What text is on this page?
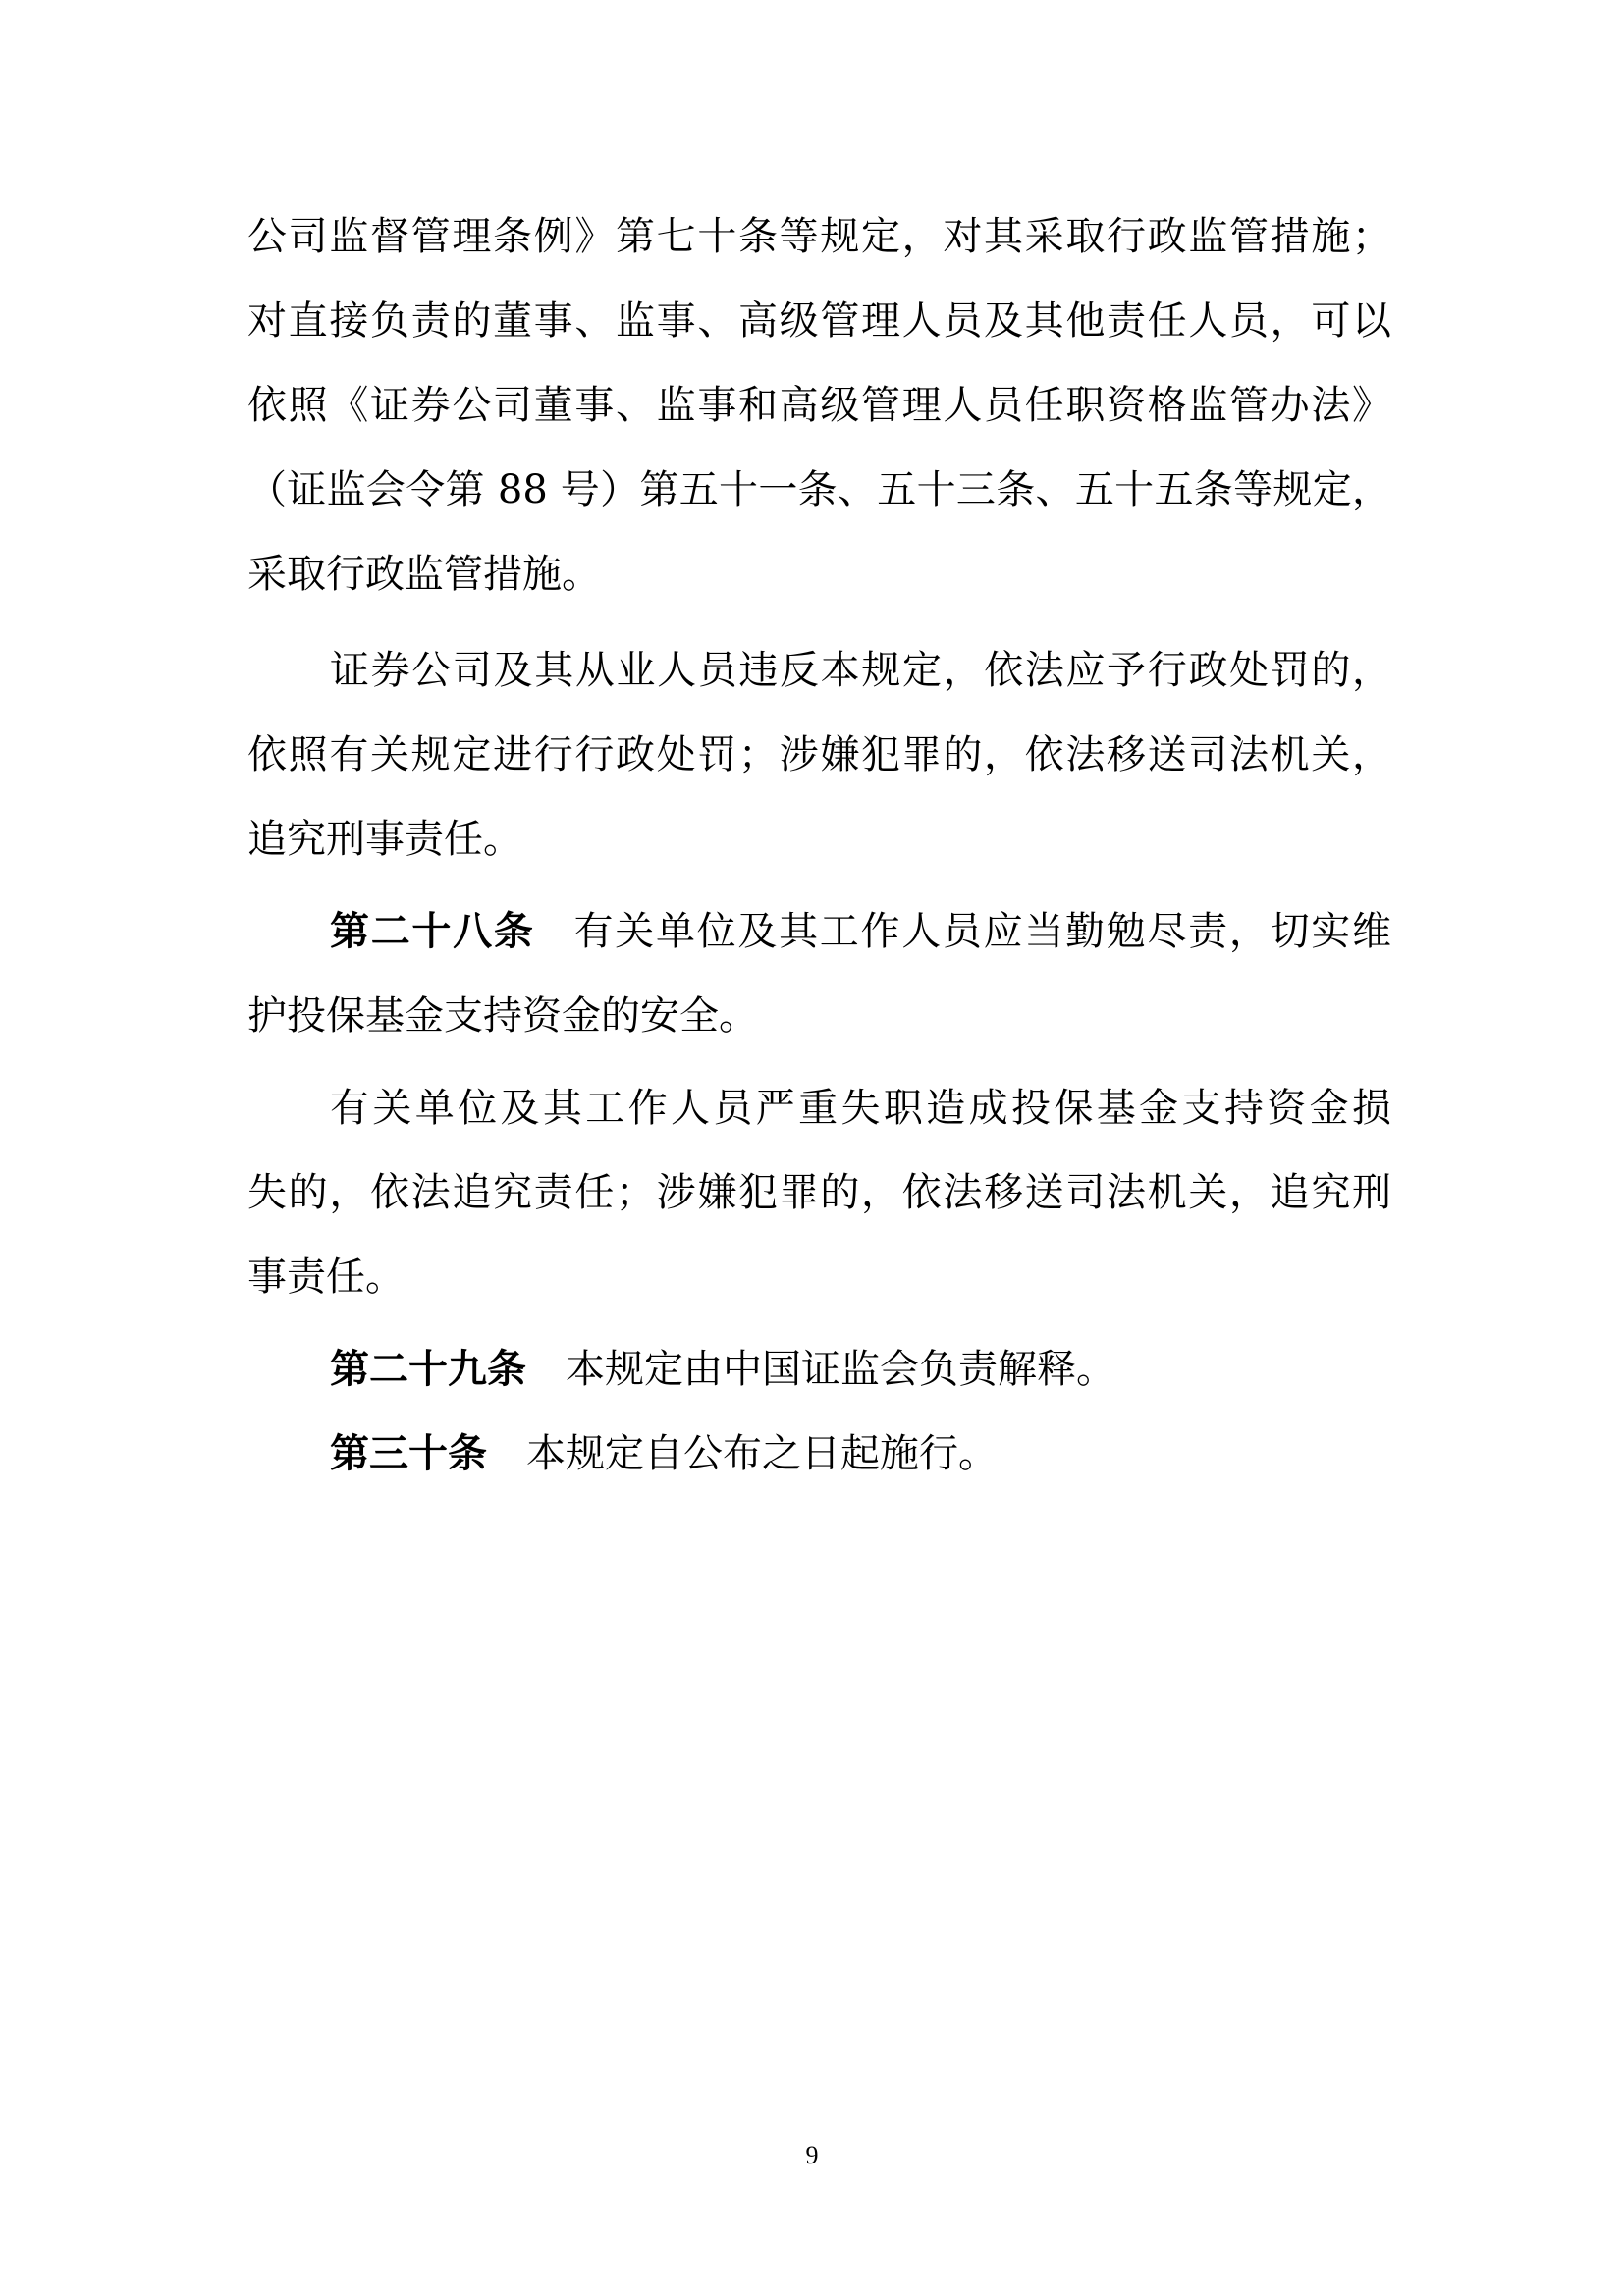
公司监督管理条例》第七十条等规定，对其采取行政监管措施；
对直接负责的董事、监事、高级管理人员及其他责任人员，可以
依照《证券公司董事、监事和高级管理人员任职资格监管办法》
（证监会令第 88 号）第五十一条、五十三条、五十五条等规定，
采取行政监管措施。
证券公司及其从业人员违反本规定，依法应予行政处罚的，
依照有关规定进行行政处罚；涉嫌犯罪的，依法移送司法机关，
追究刑事责任。
第二十八条 有关单位及其工作人员应当勤勉尽责，切实维
护投保基金支持资金的安全。
有关单位及其工作人员严重失职造成投保基金支持资金损
失的，依法追究责任；涉嫌犯罪的，依法移送司法机关，追究刑
事责任。
第二十九条 本规定由中国证监会负责解释。
第三十条 本规定自公布之日起施行。
9
